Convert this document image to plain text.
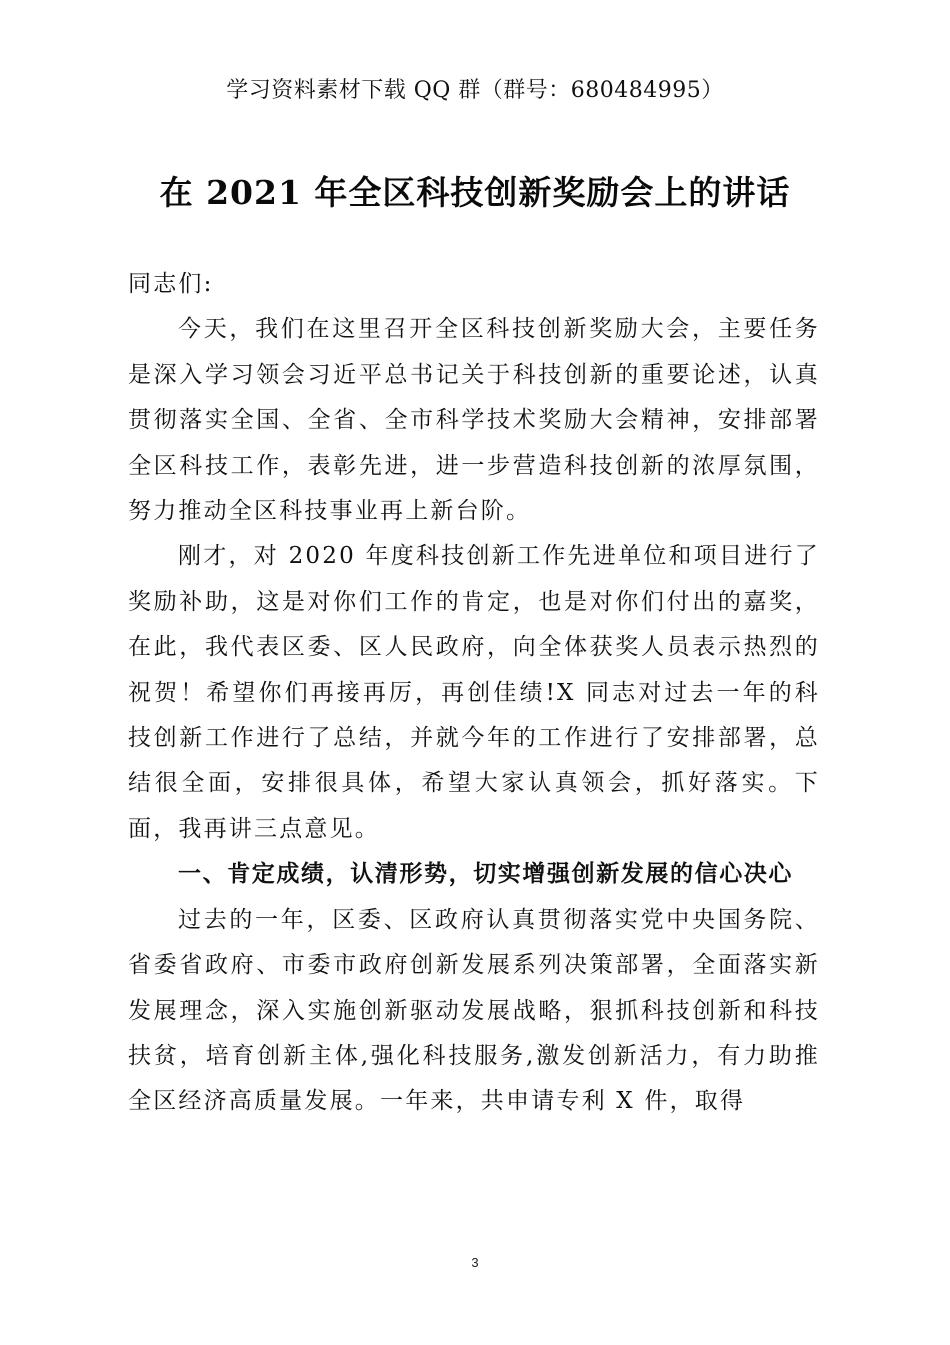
学习资料素材下载 QQ 群（群号：680484995）
在 2021 年全区科技创新奖励会上的讲话

同志们:

今天，我们在这里召开全区科技创新奖励大会，主要任务是深入学习领会习近平总书记关于科技创新的重要论述，认真贯彻落实全国、全省、全市科学技术奖励大会精神，安排部署全区科技工作，表彰先进，进一步营造科技创新的浓厚氛围，努力推动全区科技事业再上新台阶。

刚才，对 2020 年度科技创新工作先进单位和项目进行了奖励补助，这是对你们工作的肯定，也是对你们付出的嘉奖，在此，我代表区委、区人民政府，向全体获奖人员表示热烈的祝贺！希望你们再接再厉，再创佳绩!X 同志对过去一年的科技创新工作进行了总结，并就今年的工作进行了安排部署，总结很全面，安排很具体，希望大家认真领会，抓好落实。下面，我再讲三点意见。

一、肯定成绩，认清形势，切实增强创新发展的信心决心

过去的一年，区委、区政府认真贯彻落实党中央国务院、省委省政府、市委市政府创新发展系列决策部署，全面落实新发展理念，深入实施创新驱动发展战略，狠抓科技创新和科技扶贫，培育创新主体,强化科技服务,激发创新活力，有力助推全区经济高质量发展。一年来，共申请专利 X 件，取得

3
